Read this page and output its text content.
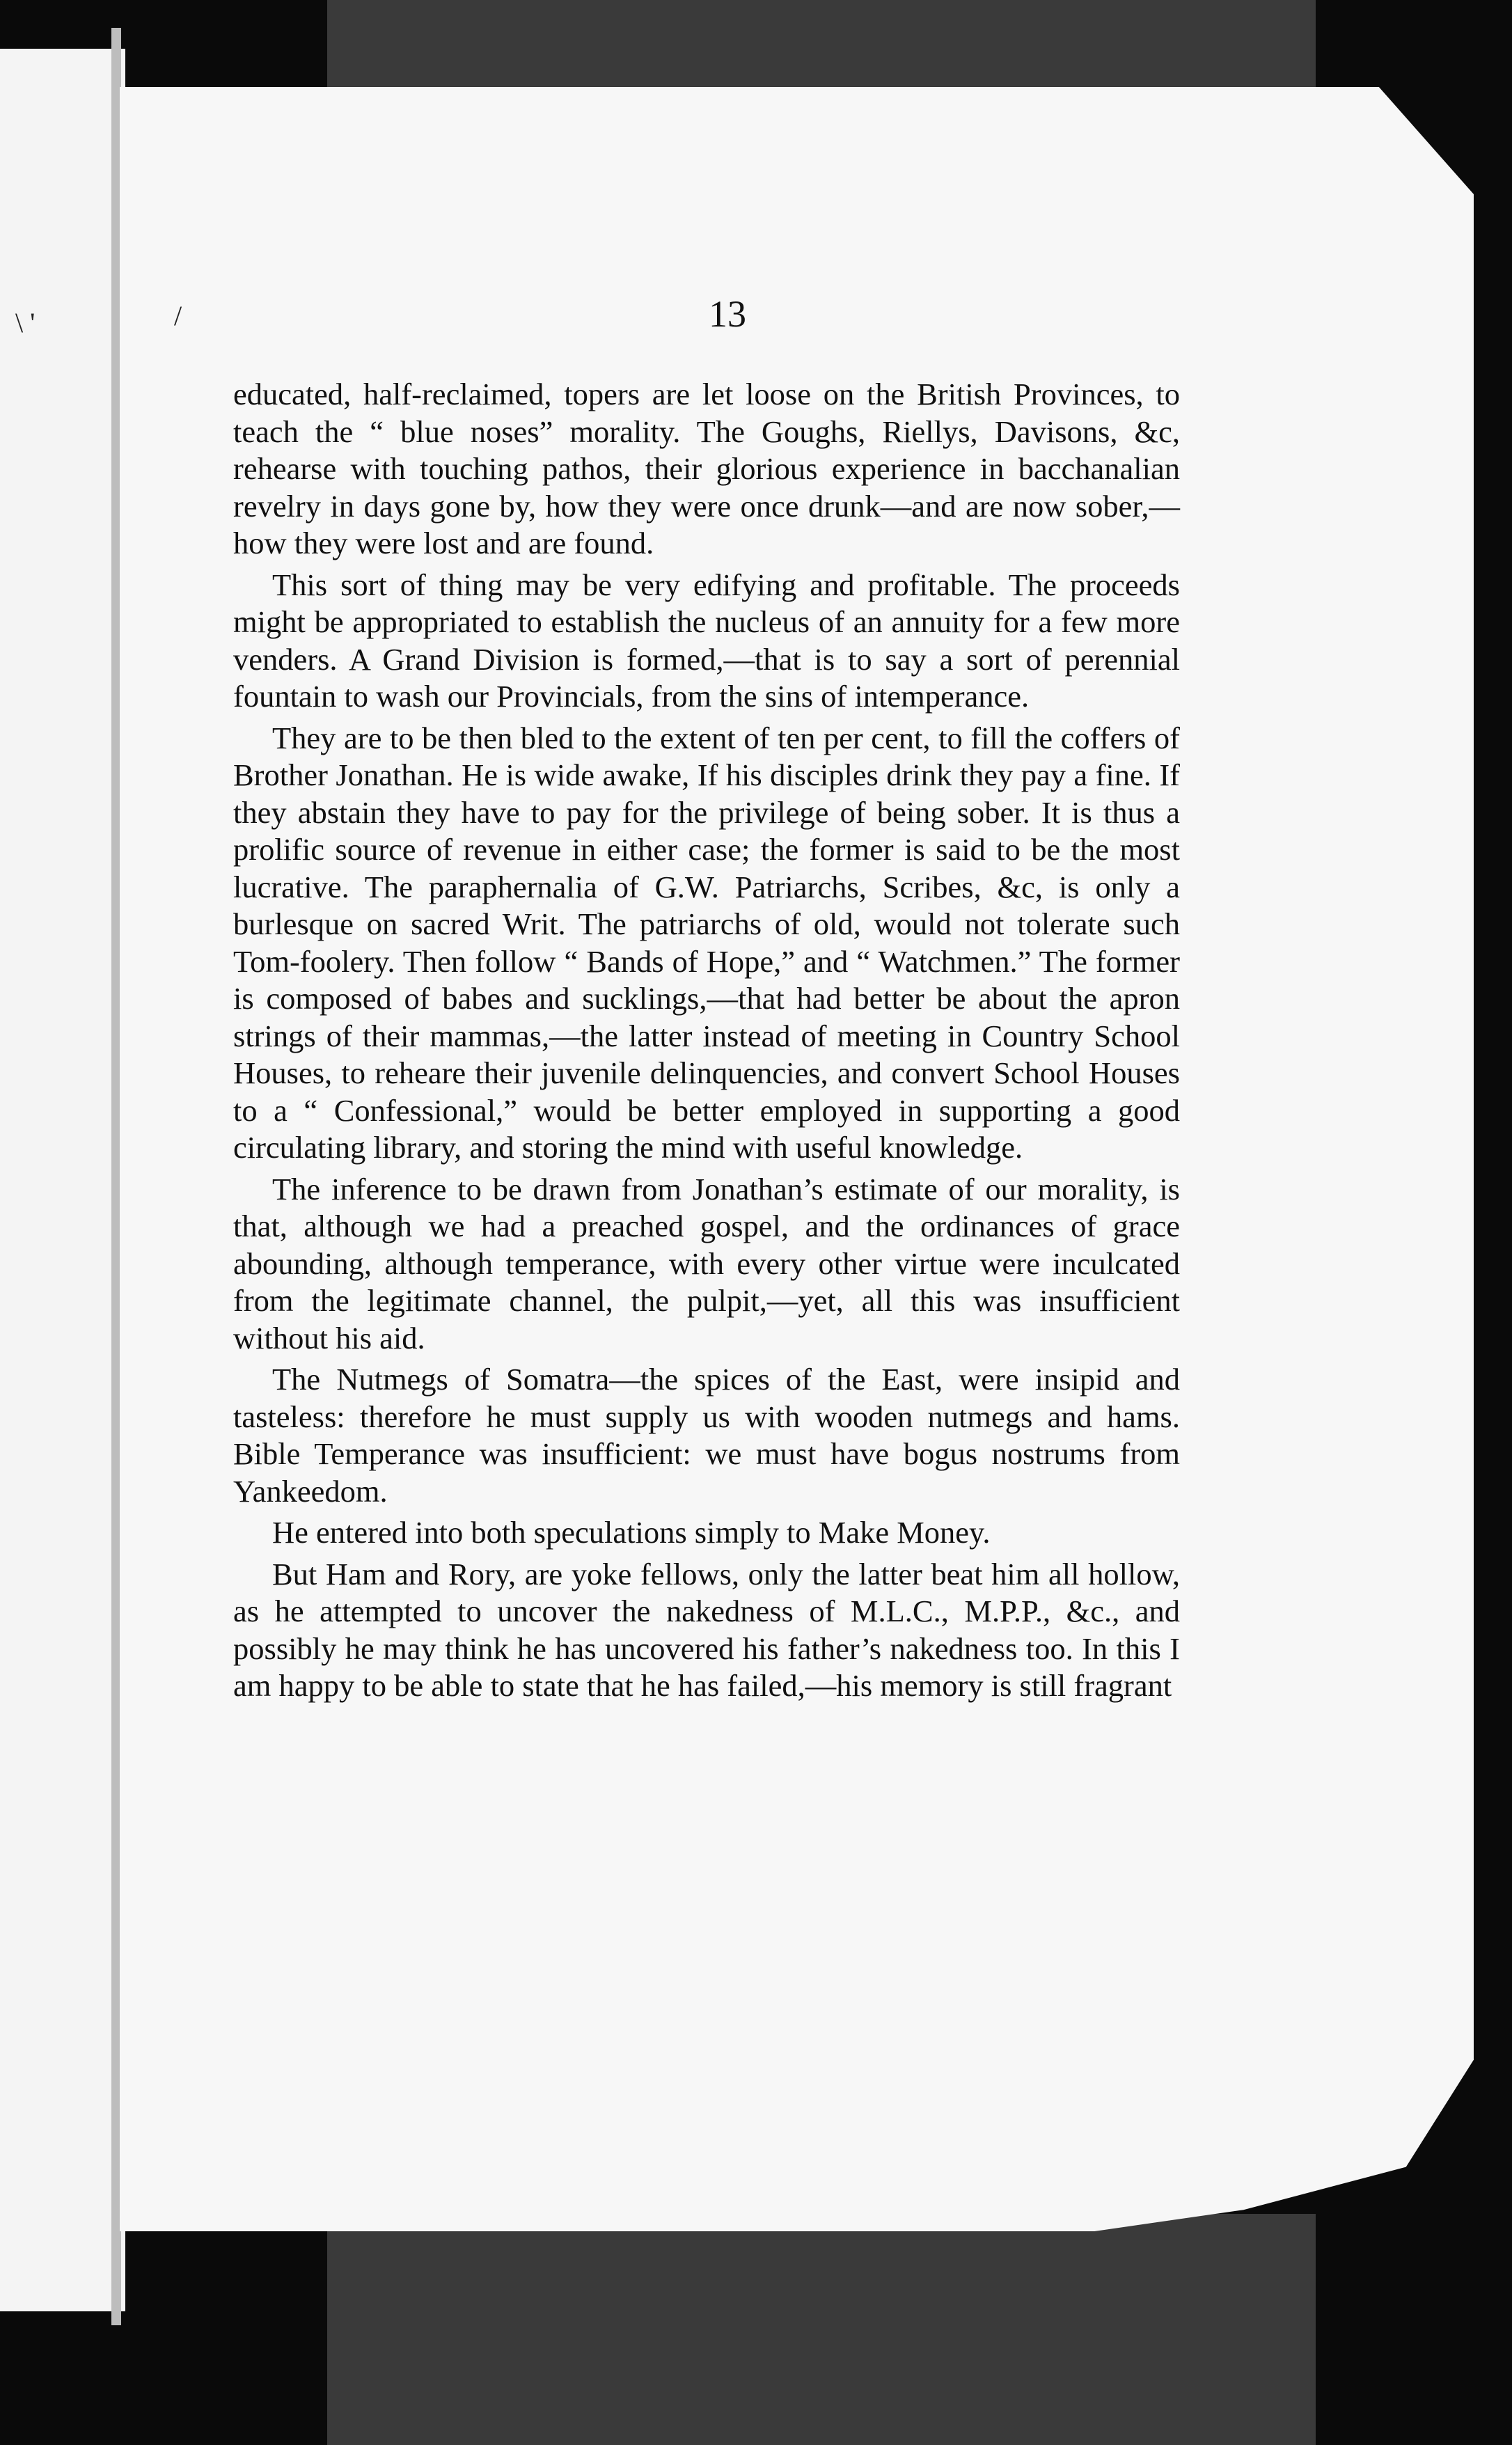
\ '	/	13

educated, half-reclaimed, topers are let loose on the British Provinces, to teach the “ blue noses” morality. The Goughs, Riellys, Davisons, &c, rehearse with touching pathos, their glorious experience in bacchanalian revelry in days gone by, how they were once drunk—and are now sober,—how they were lost and are found.

This sort of thing may be very edifying and profitable. The proceeds might be appropriated to establish the nucleus of an annuity for a few more venders. A Grand Division is formed,—that is to say a sort of perennial fountain to wash our Provincials, from the sins of intemperance.

They are to be then bled to the extent of ten per cent, to fill the coffers of Brother Jonathan. He is wide awake, If his disciples drink they pay a fine. If they abstain they have to pay for the privilege of being sober. It is thus a prolific source of revenue in either case; the former is said to be the most lucrative. The paraphernalia of G.W. Patriarchs, Scribes, &c, is only a burlesque on sacred Writ. The patriarchs of old, would not tolerate such Tom-foolery. Then follow “ Bands of Hope,” and “ Watchmen.” The former is composed of babes and sucklings,—that had better be about the apron strings of their mammas,—the latter instead of meeting in Country School Houses, to reheare their juvenile delinquencies, and convert School Houses to a “ Confessional,” would be better employed in supporting a good circulating library, and storing the mind with useful knowledge.

The inference to be drawn from Jonathan’s estimate of our morality, is that, although we had a preached gospel, and the ordinances of grace abounding, although temperance, with every other virtue were inculcated from the legitimate channel, the pulpit,—yet, all this was insufficient without his aid.

The Nutmegs of Somatra—the spices of the East, were insipid and tasteless: therefore he must supply us with wooden nutmegs and hams. Bible Temperance was insufficient: we must have bogus nostrums from Yankeedom.

He entered into both speculations simply to Make Money.

But Ham and Rory, are yoke fellows, only the latter beat him all hollow, as he attempted to uncover the nakedness of M.L.C., M.P.P., &c., and possibly he may think he has uncovered his father’s nakedness too. In this I am happy to be able to state that he has failed,—his memory is still fragrant
